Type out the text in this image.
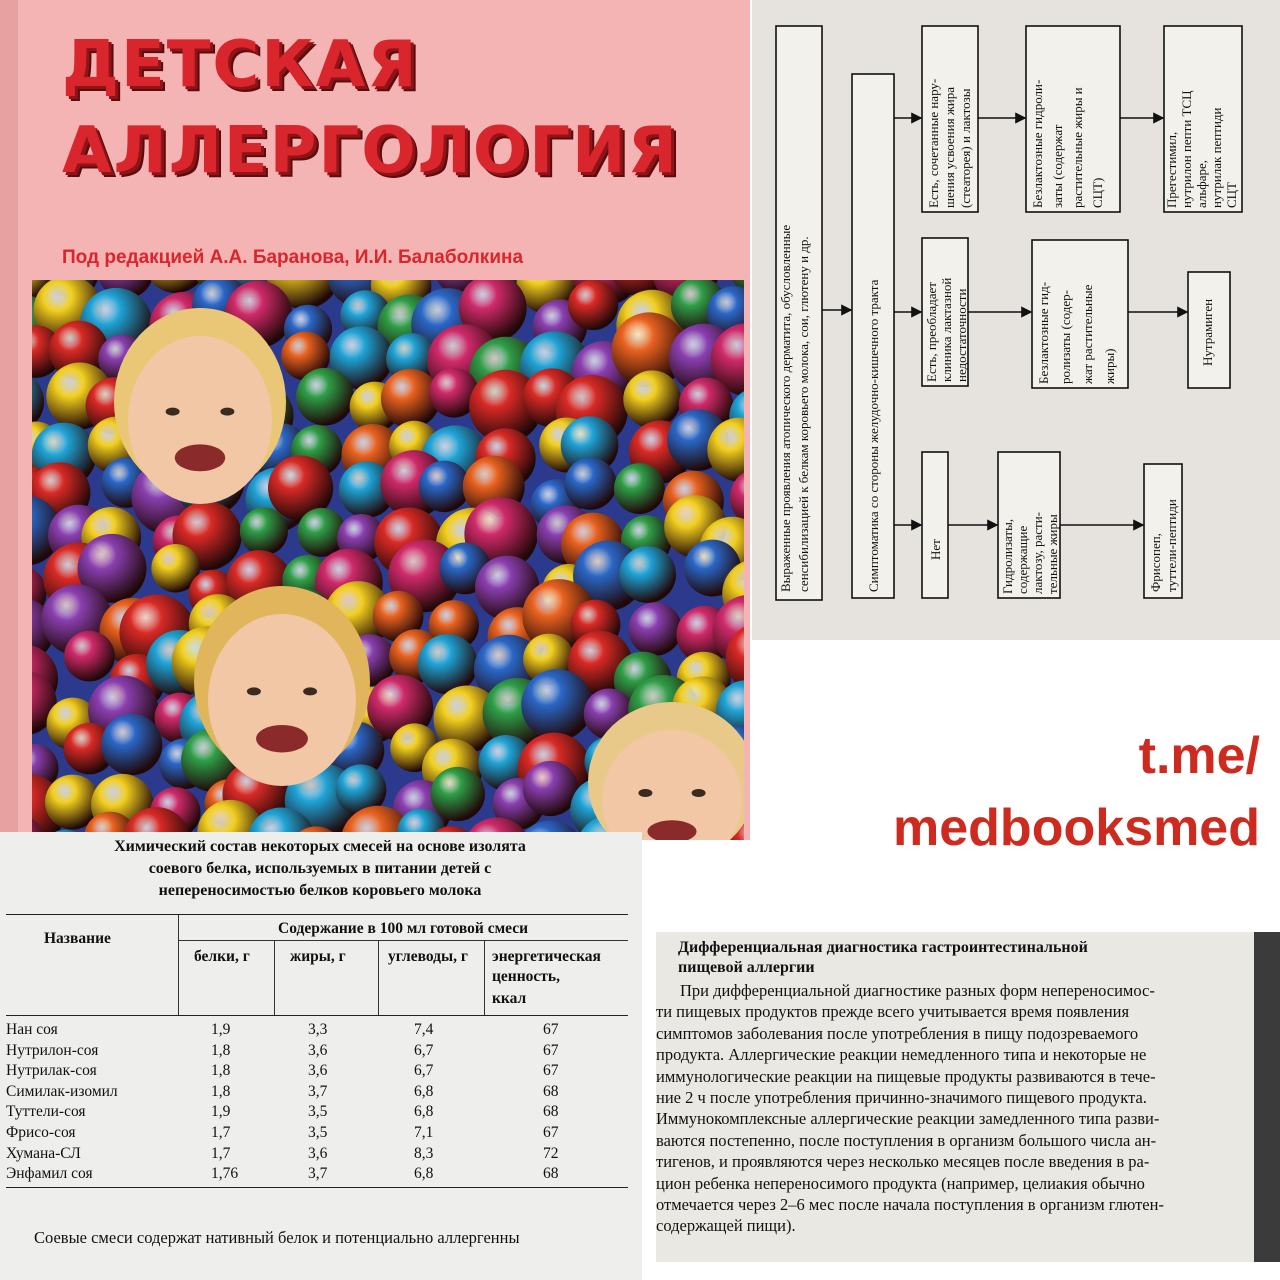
ДЕТСКАЯ
АЛЛЕРГОЛОГИЯ
Под редакцией А.А. Баранова, И.И. Балаболкина	Выраженные проявления атопического дерматита, обусловленные сенсибилизацией к белкам коровьего молока, сои, глютену и др.	Симптоматика со стороны желудочно-кишечного тракта	Нет
Есть, преобладает клиника лактазной недостаточности
Есть, сочетанные нару- шения усвоения жира (стеаторея) и лактозы
Гидролизаты, содержащие лактозу, расти- тельные жиры
Безлактозные гид- ролизаты (содер- жат растительные жиры)
Безлактозные гидроли- заты (содержат растительные жиры и СЦТ)
Фрисопеп, туттели-пептиди
Нутрамиген
Прегестимил, нутрилон пепти ТСЦ альфаре, нутрилак пептиди СЦТ
t.me/
medbooksmed
Химический состав некоторых смесей на основе изолята
соевого белка, используемых в питании детей с
непереносимостью белков коровьего молока
Название
Содержание в 100 мл готовой смеси
белки, г	жиры, г	углеводы, г энергетическая
ценность,
ккал
Нан соя	1,9	3,3	7,4	67
Нутрилон-соя	1,8	3,6	6,7	67
Нутрилак-соя	1,8	3,6	6,7	67
Симилак-изомил	1,8	3,7	6,8	68
Туттели-соя	1,9	3,5	6,8	68
Фрисо-соя	1,7	3,5	7,1	67
Хумана-СЛ	1,7	3,6	8,3	72
Энфамил соя	1,76	3,7	6,8	68
Соевые смеси содержат нативный белок и потенциально аллергенны
Дифференциальная диагностика гастроинтестинальной
пищевой аллергии
При дифференциальной диагностике разных форм непереносимос-
ти пищевых продуктов прежде всего учитывается время появления
симптомов заболевания после употребления в пищу подозреваемого
продукта. Аллергические реакции немедленного типа и некоторые не
иммунологические реакции на пищевые продукты развиваются в тече-
ние 2 ч после употребления причинно-значимого пищевого продукта.
Иммунокомплексные аллергические реакции замедленного типа разви-
ваются постепенно, после поступления в организм большого числа ан-
тигенов, и проявляются через несколько месяцев после введения в ра-
цион ребенка непереносимого продукта (например, целиакия обычно
отмечается через 2–6 мес после начала поступления в организм глютен-
содержащей пищи).
